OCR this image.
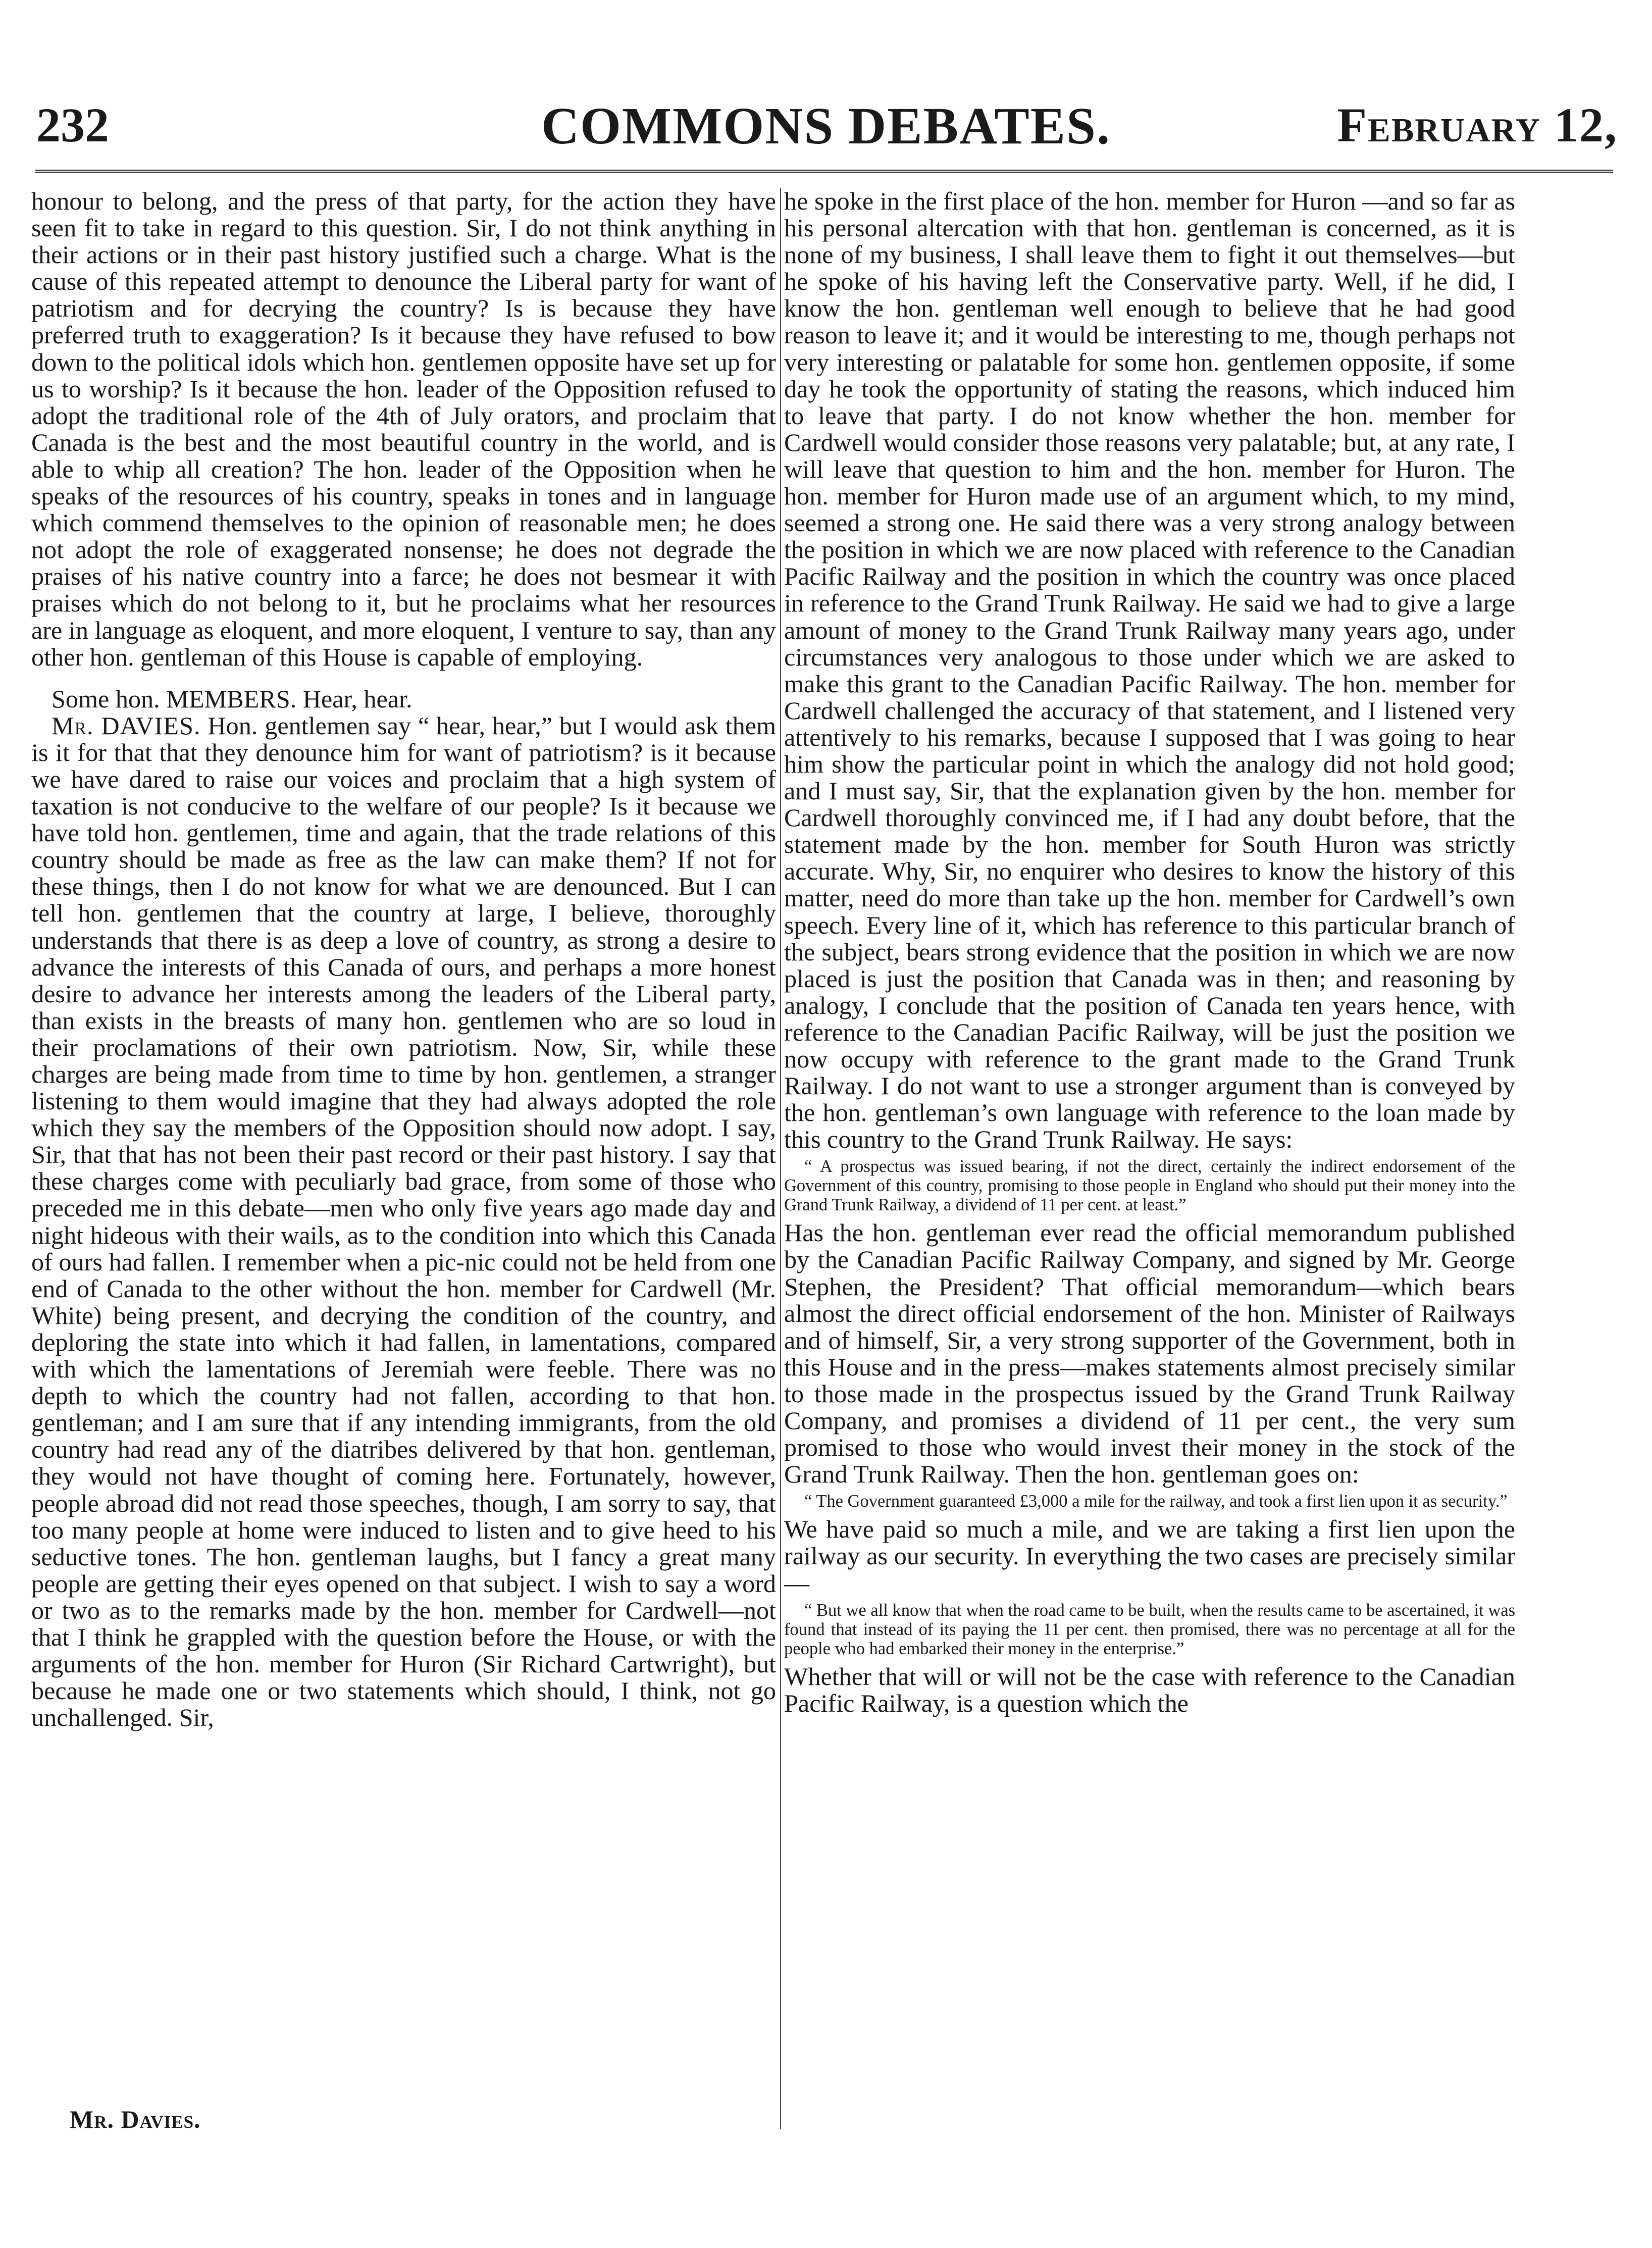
232	COMMONS DEBATES.	February 12,

honour to belong, and the press of that party, for the action they have seen fit to take in regard to this question. Sir, I do not think anything in their actions or in their past history justified such a charge. What is the cause of this repeated attempt to denounce the Liberal party for want of patriotism and for decrying the country? Is is because they have preferred truth to exaggeration? Is it because they have refused to bow down to the political idols which hon. gentlemen opposite have set up for us to worship? Is it because the hon. leader of the Opposition refused to adopt the traditional role of the 4th of July orators, and proclaim that Canada is the best and the most beautiful country in the world, and is able to whip all creation? The hon. leader of the Opposition when he speaks of the resources of his country, speaks in tones and in language which commend themselves to the opinion of reasonable men; he does not adopt the role of exaggerated nonsense; he does not degrade the praises of his native country into a farce; he does not besmear it with praises which do not belong to it, but he proclaims what her resources are in language as eloquent, and more eloquent, I venture to say, than any other hon. gentleman of this House is capable of employing.

Some hon. MEMBERS. Hear, hear.

Mr. DAVIES. Hon. gentlemen say “ hear, hear,” but I would ask them is it for that that they denounce him for want of patriotism? is it because we have dared to raise our voices and proclaim that a high system of taxation is not conducive to the welfare of our people? Is it because we have told hon. gentlemen, time and again, that the trade relations of this country should be made as free as the law can make them? If not for these things, then I do not know for what we are denounced. But I can tell hon. gentlemen that the country at large, I believe, thoroughly understands that there is as deep a love of country, as strong a desire to advance the interests of this Canada of ours, and perhaps a more honest desire to advance her interests among the leaders of the Liberal party, than exists in the breasts of many hon. gentlemen who are so loud in their proclamations of their own patriotism. Now, Sir, while these charges are being made from time to time by hon. gentlemen, a stranger listening to them would imagine that they had always adopted the role which they say the members of the Opposition should now adopt. I say, Sir, that that has not been their past record or their past history. I say that these charges come with peculiarly bad grace, from some of those who preceded me in this debate—men who only five years ago made day and night hideous with their wails, as to the condition into which this Canada of ours had fallen. I remember when a pic-nic could not be held from one end of Canada to the other without the hon. member for Cardwell (Mr. White) being present, and decrying the condition of the country, and deploring the state into which it had fallen, in lamentations, compared with which the lamentations of Jeremiah were feeble. There was no depth to which the country had not fallen, according to that hon. gentleman; and I am sure that if any intending immigrants, from the old country had read any of the diatribes delivered by that hon. gentleman, they would not have thought of coming here. Fortunately, however, people abroad did not read those speeches, though, I am sorry to say, that too many people at home were induced to listen and to give heed to his seductive tones. The hon. gentleman laughs, but I fancy a great many people are getting their eyes opened on that subject. I wish to say a word or two as to the remarks made by the hon. member for Cardwell—not that I think he grappled with the question before the House, or with the arguments of the hon. member for Huron (Sir Richard Cartwright), but because he made one or two statements which should, I think, not go unchallenged. Sir,

he spoke in the first place of the hon. member for Huron —and so far as his personal altercation with that hon. gentleman is concerned, as it is none of my business, I shall leave them to fight it out themselves—but he spoke of his having left the Conservative party. Well, if he did, I know the hon. gentleman well enough to believe that he had good reason to leave it; and it would be interesting to me, though perhaps not very interesting or palatable for some hon. gentlemen opposite, if some day he took the opportunity of stating the reasons, which induced him to leave that party. I do not know whether the hon. member for Cardwell would consider those reasons very palatable; but, at any rate, I will leave that question to him and the hon. member for Huron. The hon. member for Huron made use of an argument which, to my mind, seemed a strong one. He said there was a very strong analogy between the position in which we are now placed with reference to the Canadian Pacific Railway and the position in which the country was once placed in reference to the Grand Trunk Railway. He said we had to give a large amount of money to the Grand Trunk Railway many years ago, under circumstances very analogous to those under which we are asked to make this grant to the Canadian Pacific Railway. The hon. member for Cardwell challenged the accuracy of that statement, and I listened very attentively to his remarks, because I supposed that I was going to hear him show the particular point in which the analogy did not hold good; and I must say, Sir, that the explanation given by the hon. member for Cardwell thoroughly convinced me, if I had any doubt before, that the statement made by the hon. member for South Huron was strictly accurate. Why, Sir, no enquirer who desires to know the history of this matter, need do more than take up the hon. member for Cardwell’s own speech. Every line of it, which has reference to this particular branch of the subject, bears strong evidence that the position in which we are now placed is just the position that Canada was in then; and reasoning by analogy, I conclude that the position of Canada ten years hence, with reference to the Canadian Pacific Railway, will be just the position we now occupy with reference to the grant made to the Grand Trunk Railway. I do not want to use a stronger argument than is conveyed by the hon. gentleman’s own language with reference to the loan made by this country to the Grand Trunk Railway. He says:

“ A prospectus was issued bearing, if not the direct, certainly the indirect endorsement of the Government of this country, promising to those people in England who should put their money into the Grand Trunk Railway, a dividend of 11 per cent. at least.”

Has the hon. gentleman ever read the official memorandum published by the Canadian Pacific Railway Company, and signed by Mr. George Stephen, the President? That official memorandum—which bears almost the direct official endorsement of the hon. Minister of Railways and of himself, Sir, a very strong supporter of the Government, both in this House and in the press—makes statements almost precisely similar to those made in the prospectus issued by the Grand Trunk Railway Company, and promises a dividend of 11 per cent., the very sum promised to those who would invest their money in the stock of the Grand Trunk Railway. Then the hon. gentleman goes on:

“ The Government guaranteed £3,000 a mile for the railway, and took a first lien upon it as security.”

We have paid so much a mile, and we are taking a first lien upon the railway as our security. In everything the two cases are precisely similar—

“ But we all know that when the road came to be built, when the results came to be ascertained, it was found that instead of its paying the 11 per cent. then promised, there was no percentage at all for the people who had embarked their money in the enterprise.”

Whether that will or will not be the case with reference to the Canadian Pacific Railway, is a question which the

Mr. Davies.
